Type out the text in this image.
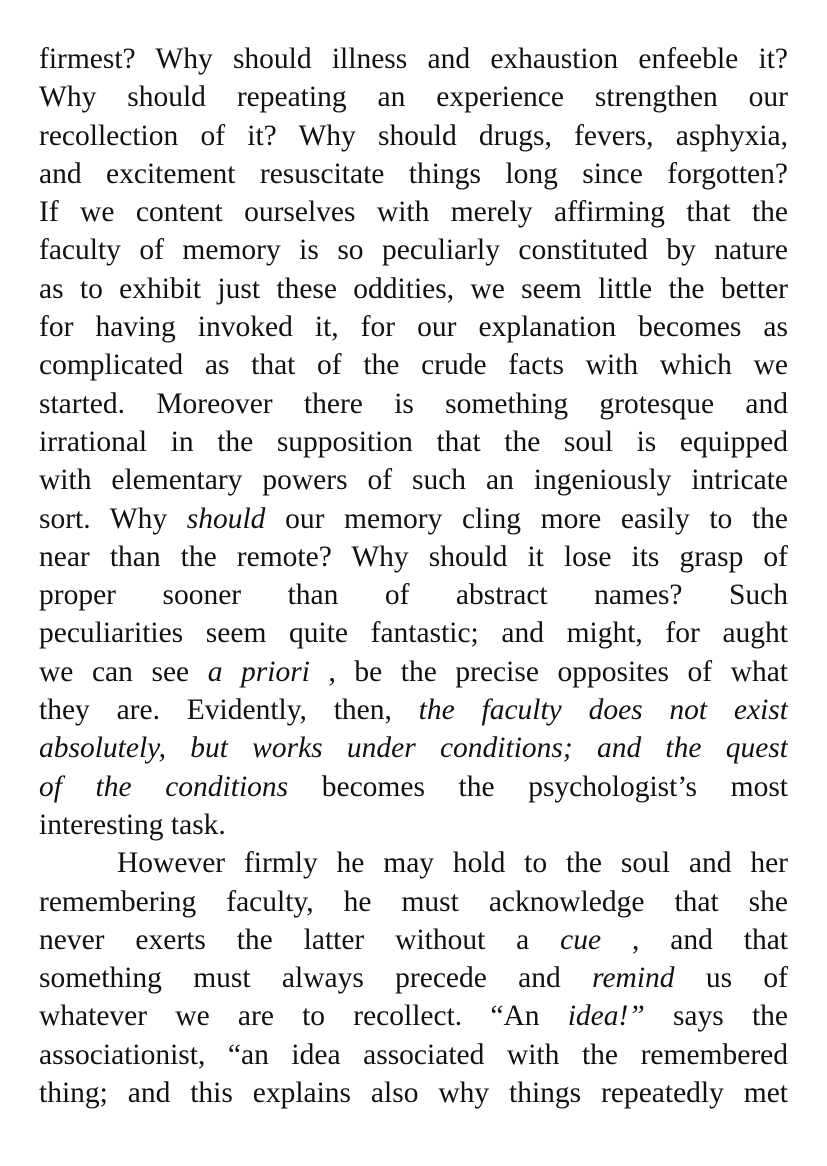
firmest? Why should illness and exhaustion enfeeble it?
Why should repeating an experience strengthen our
recollection of it? Why should drugs, fevers, asphyxia,
and excitement resuscitate things long since forgotten?
If we content ourselves with merely affirming that the
faculty of memory is so peculiarly constituted by nature
as to exhibit just these oddities, we seem little the better
for having invoked it, for our explanation becomes as
complicated as that of the crude facts with which we
started. Moreover there is something grotesque and
irrational in the supposition that the soul is equipped
with elementary powers of such an ingeniously intricate
sort. Why should our memory cling more easily to the
near than the remote? Why should it lose its grasp of
proper sooner than of abstract names? Such
peculiarities seem quite fantastic; and might, for aught
we can see a priori , be the precise opposites of what
they are. Evidently, then, the faculty does not exist
absolutely, but works under conditions; and the quest
of the conditions becomes the psychologist’s most
interesting task.
However firmly he may hold to the soul and her
remembering faculty, he must acknowledge that she
never exerts the latter without a cue , and that
something must always precede and remind us of
whatever we are to recollect. “An idea!” says the
associationist, “an idea associated with the remembered
thing; and this explains also why things repeatedly met
